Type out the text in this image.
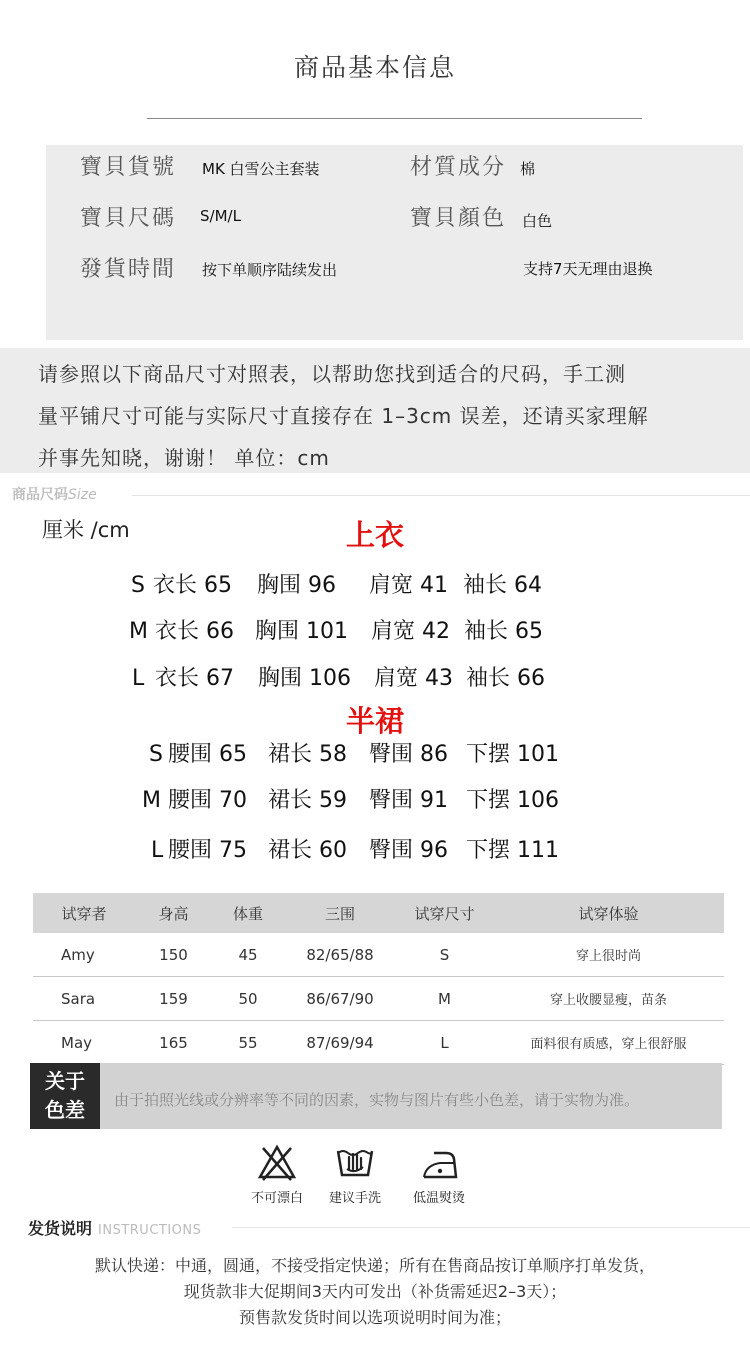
商品基本信息
寶貝貨號 MK 白雪公主套装	材質成分 棉
寶貝尺碼 S/M/L	寶貝顏色 白色
發貨時間 按下单顺序陆续发出	支持7天无理由退换
请参照以下商品尺寸对照表，以帮助您找到适合的尺码，手工测
量平铺尺寸可能与实际尺寸直接存在 1–3cm 误差，还请买家理解
并事先知晓，谢谢！ 单位：cm
商品尺码Size
厘米 /cm	上衣
S 衣长 65 胸围 96 肩宽 41 袖长 64
M 衣长 66 胸围 101 肩宽 42 袖长 65
L 衣长 67 胸围 106 肩宽 43 袖长 66
半裙
S 腰围 65 裙长 58 臀围 86 下摆 101
M 腰围 70 裙长 59 臀围 91 下摆 106
L 腰围 75 裙长 60 臀围 96 下摆 111
试穿者	身高	体重	三围	试穿尺寸	试穿体验
Amy	150	45	82/65/88	S	穿上很时尚
Sara	159	50	86/67/90	M	穿上收腰显瘦，苗条
May	165	55	87/69/94	L	面料很有质感，穿上很舒服
关于
色差	由于拍照光线或分辨率等不同的因素，实物与图片有些小色差，请于实物为准。
不可漂白	建议手洗	低温熨烫
发货说明 INSTRUCTIONS
默认快递：中通，圆通，不接受指定快递；所有在售商品按订单顺序打单发货，
现货款非大促期间3天内可发出（补货需延迟2–3天）；
预售款发货时间以选项说明时间为准；
